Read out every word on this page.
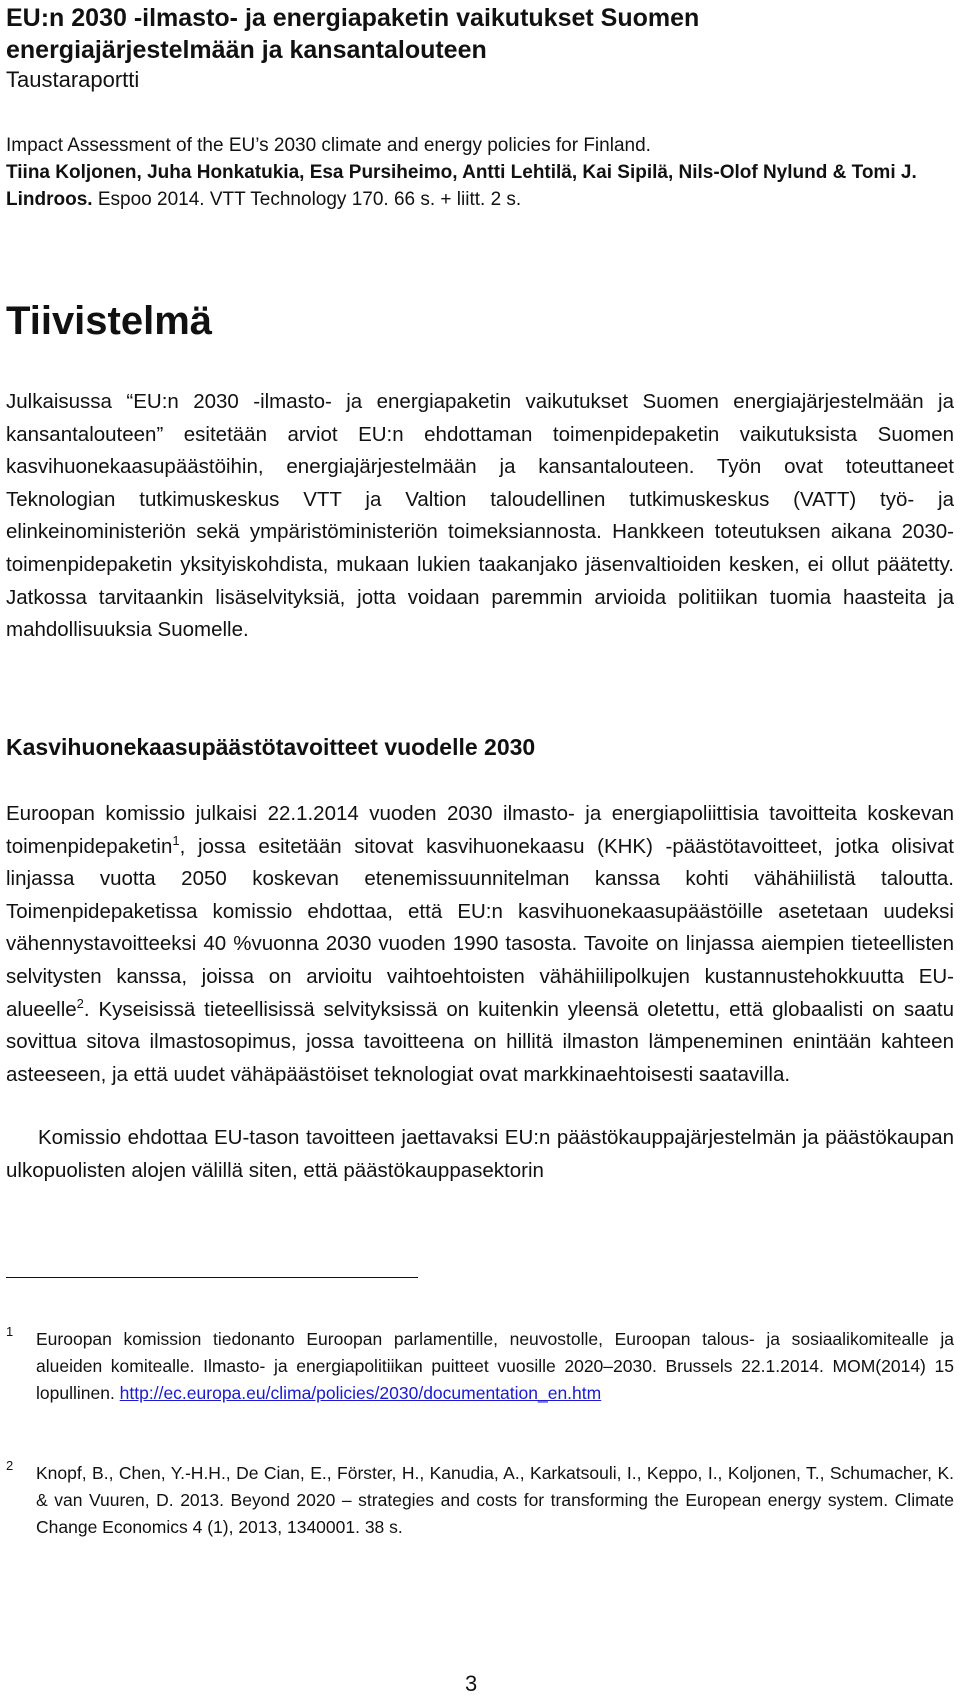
EU:n 2030 -ilmasto- ja energiapaketin vaikutukset Suomen energiajärjestelmään ja kansantalouteen
Taustaraportti
Impact Assessment of the EU’s 2030 climate and energy policies for Finland.
Tiina Koljonen, Juha Honkatukia, Esa Pursiheimo, Antti Lehtilä, Kai Sipilä, Nils-Olof Nylund & Tomi J. Lindroos. Espoo 2014. VTT Technology 170. 66 s. + liitt. 2 s.
Tiivistelmä

Julkaisussa “EU:n 2030 -ilmasto- ja energiapaketin vaikutukset Suomen energiajärjestelmään ja kansantalouteen” esitetään arviot EU:n ehdottaman toimenpidepaketin vaikutuksista Suomen kasvihuonekaasupäästöihin, energiajärjestelmään ja kansantalouteen. Työn ovat toteuttaneet Teknologian tutkimuskeskus VTT ja Valtion taloudellinen tutkimuskeskus (VATT) työ- ja elinkeinoministeriön sekä ympäristöministeriön toimeksiannosta. Hankkeen toteutuksen aikana 2030-toimenpidepaketin yksityiskohdista, mukaan lukien taakanjako jäsenvaltioiden kesken, ei ollut päätetty. Jatkossa tarvitaankin lisäselvityksiä, jotta voidaan paremmin arvioida politiikan tuomia haasteita ja mahdollisuuksia Suomelle.

Kasvihuonekaasupäästötavoitteet vuodelle 2030

Euroopan komissio julkaisi 22.1.2014 vuoden 2030 ilmasto- ja energiapoliittisia tavoitteita koskevan toimenpidepaketin$^1$, jossa esitetään sitovat kasvihuonekaasu (KHK) -päästötavoitteet, jotka olisivat linjassa vuotta 2050 koskevan etenemissuunnitelman kanssa kohti vähähiilistä taloutta. Toimenpidepaketissa komissio ehdottaa, että EU:n kasvihuonekaasupäästöille asetetaan uudeksi vähennystavoitteeksi 40 %vuonna 2030 vuoden 1990 tasosta. Tavoite on linjassa aiempien tieteellisten selvitysten kanssa, joissa on arvioitu vaihtoehtoisten vähähiilipolkujen kustannustehokkuutta EU-alueelle$^2$. Kyseisissä tieteellisissä selvityksissä on kuitenkin yleensä oletettu, että globaalisti on saatu sovittua sitova ilmastosopimus, jossa tavoitteena on hillitä ilmaston lämpeneminen enintään kahteen asteeseen, ja että uudet vähäpäästöiset teknologiat ovat markkinaehtoisesti saatavilla.

Komissio ehdottaa EU-tason tavoitteen jaettavaksi EU:n päästökauppajärjestelmän ja päästökaupan ulkopuolisten alojen välillä siten, että päästökauppasektorin

1 Euroopan komission tiedonanto Euroopan parlamentille, neuvostolle, Euroopan talous- ja sosiaalikomitealle ja alueiden komitealle. Ilmasto- ja energiapolitiikan puitteet vuosille 2020–2030. Brussels 22.1.2014. MOM(2014) 15 lopullinen. http://ec.europa.eu/clima/policies/2030/documentation_en.htm
2 Knopf, B., Chen, Y.-H.H., De Cian, E., Förster, H., Kanudia, A., Karkatsouli, I., Keppo, I., Koljonen, T., Schumacher, K. & van Vuuren, D. 2013. Beyond 2020 – strategies and costs for transforming the European energy system. Climate Change Economics 4 (1), 2013, 1340001. 38 s.
3
